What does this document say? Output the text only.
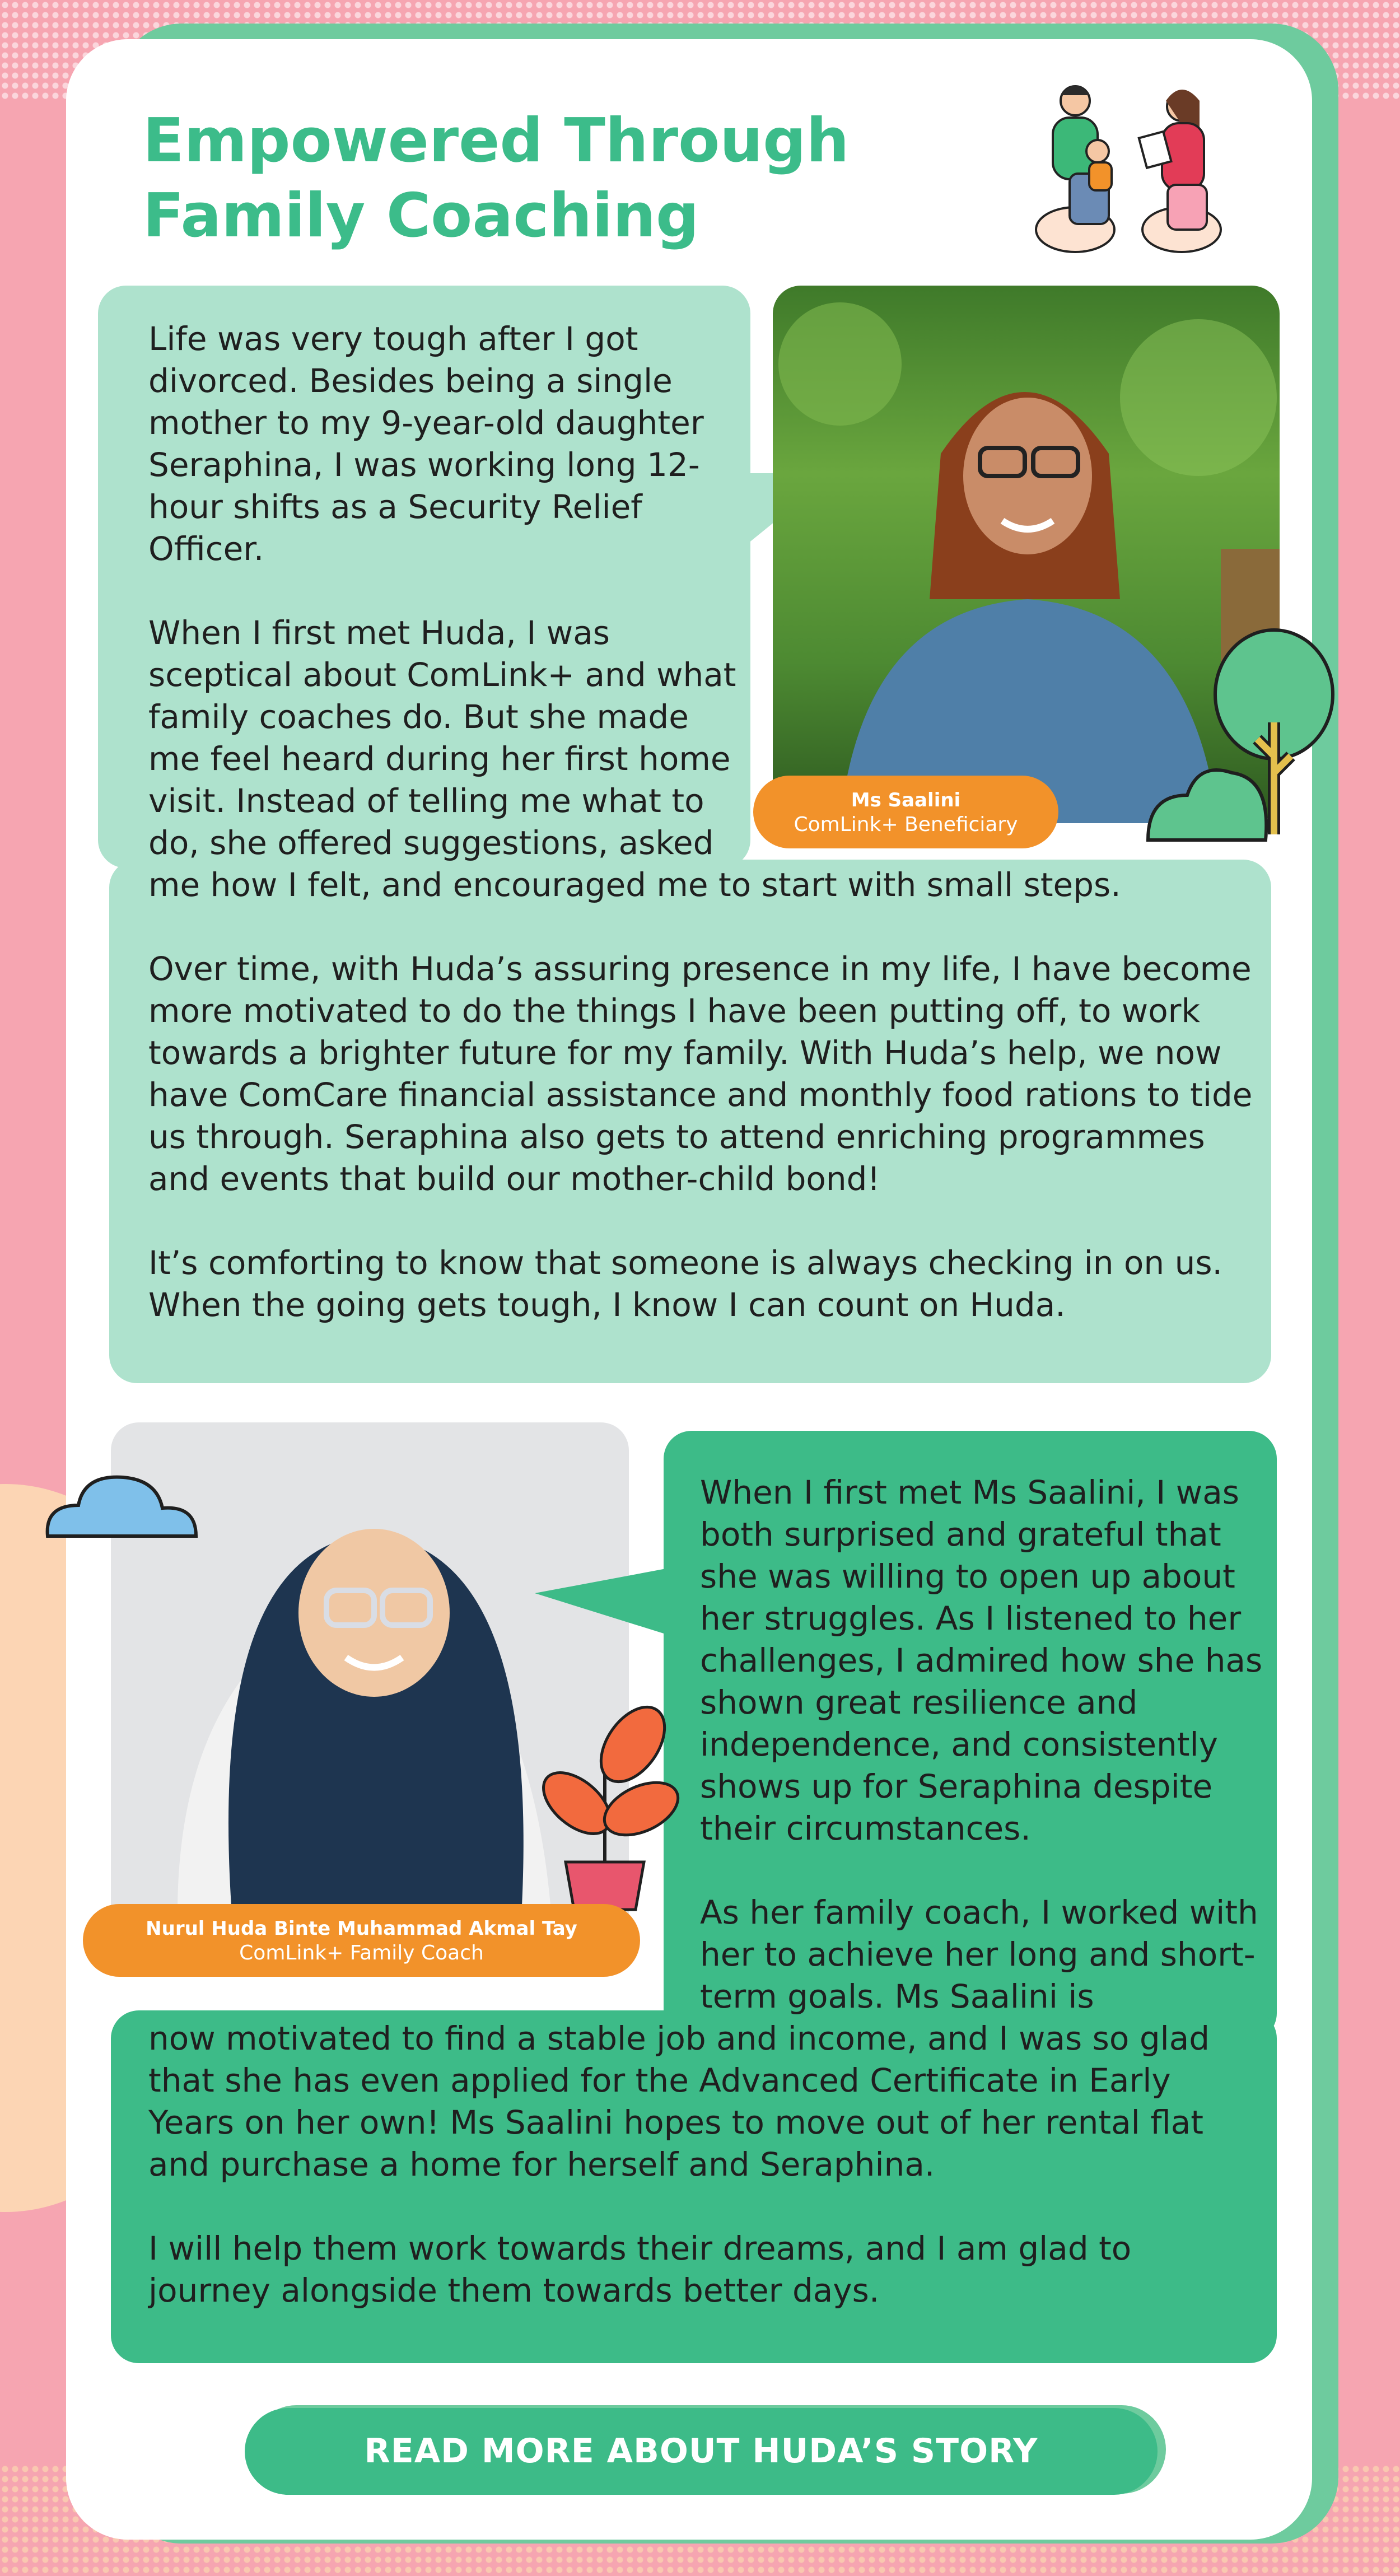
Empowered Through
Family Coaching
Life was very tough after I got divorced. Besides being a single mother to my 9-year-old daughter Seraphina, I was working long 12-hour shifts as a Security Relief Officer.
When I first met Huda, I was sceptical about ComLink+ and what family coaches do. But she made me feel heard during her first home visit. Instead of telling me what to do, she offered suggestions, asked
me how I felt, and encouraged me to start with small steps.
Over time, with Huda’s assuring presence in my life, I have become more motivated to do the things I have been putting off, to work towards a brighter future for my family. With Huda’s help, we now have ComCare financial assistance and monthly food rations to tide us through. Seraphina also gets to attend enriching programmes and events that build our mother-child bond!
It’s comforting to know that someone is always checking in on us. When the going gets tough, I know I can count on Huda.
Ms Saalini
ComLink+ Beneficiary
When I first met Ms Saalini, I was both surprised and grateful that she was willing to open up about her struggles. As I listened to her challenges, I admired how she has shown great resilience and independence, and consistently shows up for Seraphina despite their circumstances.
As her family coach, I worked with her to achieve her long and short-term goals. Ms Saalini is
now motivated to find a stable job and income, and I was so glad that she has even applied for the Advanced Certificate in Early Years on her own! Ms Saalini hopes to move out of her rental flat and purchase a home for herself and Seraphina.
I will help them work towards their dreams, and I am glad to journey alongside them towards better days.
Nurul Huda Binte Muhammad Akmal Tay
ComLink+ Family Coach
READ MORE ABOUT HUDA’S STORY
